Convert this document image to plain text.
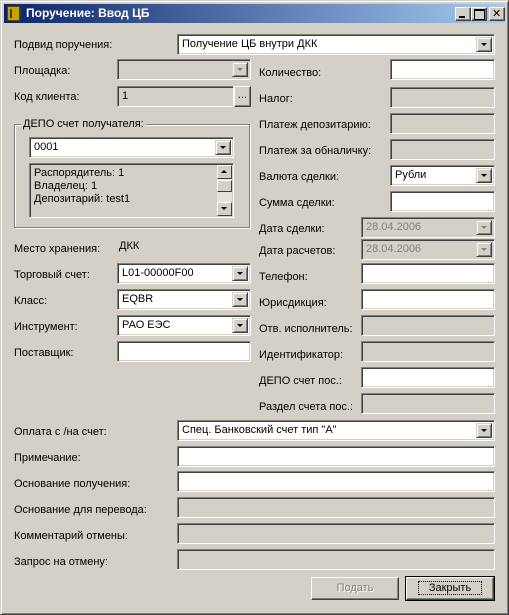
Поручение: Ввод ЦБ
✕
Подвид поручения:	Получение ЦБ внутри ДКК
Площадка:	Количество:
Код клиента:	1	...	Налог:
ДЕПО счет получателя:
0001
Распорядитель: 1
Владелец: 1
Депозитарий: test1
Платеж депозитарию:
Платеж за обналичку:
Валюта сделки:	Рубли
Сумма сделки:
Дата сделки:	28.04.2006
Место хранения: ДКК	Дата расчетов:	28.04.2006
Торговый счет:	L01-00000F00	Телефон:
Класс:	EQBR	Юрисдикция:
Инструмент:	РАО ЕЭС	Отв. исполнитель:
Поставщик:	Идентификатор:
ДЕПО счет пос.:
Раздел счета пос.:
Оплата с /на счет:	Спец. Банковский счет тип "А"
Примечание:
Основание получения:
Основание для перевода:
Комментарий отмены:
Запрос на отмену:
Подать	Закрыть
